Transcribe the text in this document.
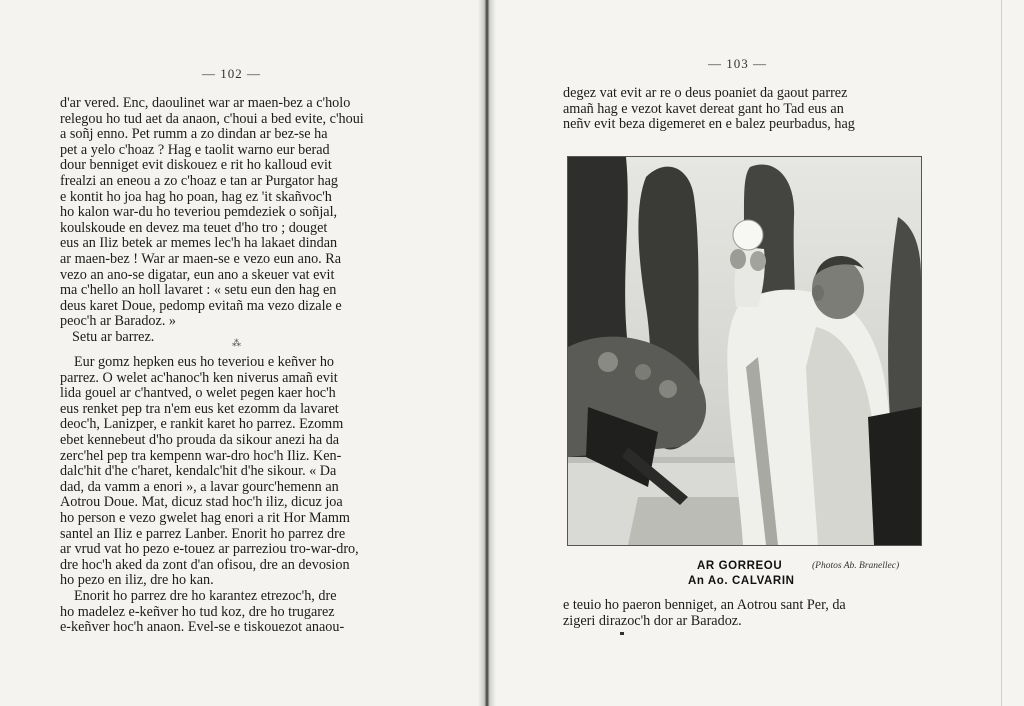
— 102 —
— 103 —
d'ar vered. Enc, daoulinet war ar maen-bez a c'holo
relegou ho tud aet da anaon, c'houi a bed evite, c'houi
a soñj enno. Pet rumm a zo dindan ar bez-se ha
pet a yelo c'hoaz ? Hag e taolit warno eur berad
dour benniget evit diskouez e rit ho kalloud evit
frealzi an eneou a zo c'hoaz e tan ar Purgator hag
e kontit ho joa hag ho poan, hag ez 'it skañvoc'h
ho kalon war-du ho teveriou pemdeziek o soñjal,
koulskoude en devez ma teuet d'ho tro ; douget
eus an Iliz betek ar memes lec'h ha lakaet dindan
ar maen-bez ! War ar maen-se e vezo eun ano. Ra
vezo an ano-se digatar, eun ano a skeuer vat evit
ma c'hello an holl lavaret : « setu eun den hag en
deus karet Doue, pedomp evitañ ma vezo dizale e
peoc'h ar Baradoz. »
Setu ar barrez.	⁂
Eur gomz hepken eus ho teveriou e keñver ho
parrez. O welet ac'hanoc'h ken niverus amañ evit
lida gouel ar c'hantved, o welet pegen kaer hoc'h
eus renket pep tra n'em eus ket ezomm da lavaret
deoc'h, Lanizper, e rankit karet ho parrez. Ezomm
ebet kennebeut d'ho prouda da sikour anezi ha da
zerc'hel pep tra kempenn war-dro hoc'h Iliz. Ken-
dalc'hit d'he c'haret, kendalc'hit d'he sikour. « Da
dad, da vamm a enori », a lavar gourc'hemenn an
Aotrou Doue. Mat, dicuz stad hoc'h iliz, dicuz joa
ho person e vezo gwelet hag enori a rit Hor Mamm
santel an Iliz e parrez Lanber. Enorit ho parrez dre
ar vrud vat ho pezo e-touez ar parreziou tro-war-dro,
dre hoc'h aked da zont d'an ofisou, dre an devosion
ho pezo en iliz, dre ho kan.
Enorit ho parrez dre ho karantez etrezoc'h, dre
ho madelez e-keñver ho tud koz, dre ho trugarez
e-keñver hoc'h anaon. Evel-se e tiskouezot anaou-
degez vat evit ar re o deus poaniet da gaout parrez
amañ hag e vezot kavet dereat gant ho Tad eus an
neñv evit beza digemeret en e balez peurbadus, hag
AR GORREOU
An Ao. CALVARIN
(Photos Ab. Branellec)
e teuio ho paeron benniget, an Aotrou sant Per, da
zigeri dirazoc'h dor ar Baradoz.
